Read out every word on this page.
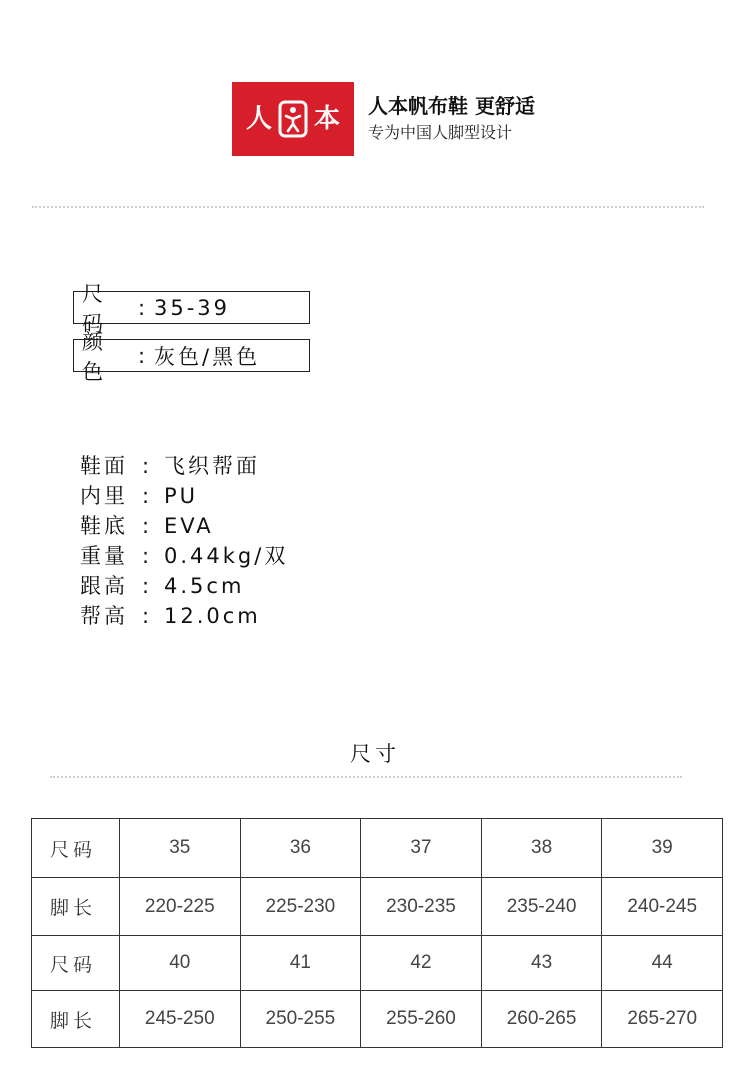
人 本 人本帆布鞋 更舒适
专为中国人脚型设计
尺　码
: 35-39
颜　色
: 灰色/黑色
鞋面 : 飞织帮面
内里 : PU
鞋底 : EVA
重量 : 0.44kg/双
跟高 : 4.5cm
帮高 : 12.0cm
尺寸
尺码	35	36	37	38	39
脚长	220-225	225-230	230-235	235-240	240-245
尺码	40	41	42	43	44
脚长	245-250	250-255	255-260	260-265	265-270
